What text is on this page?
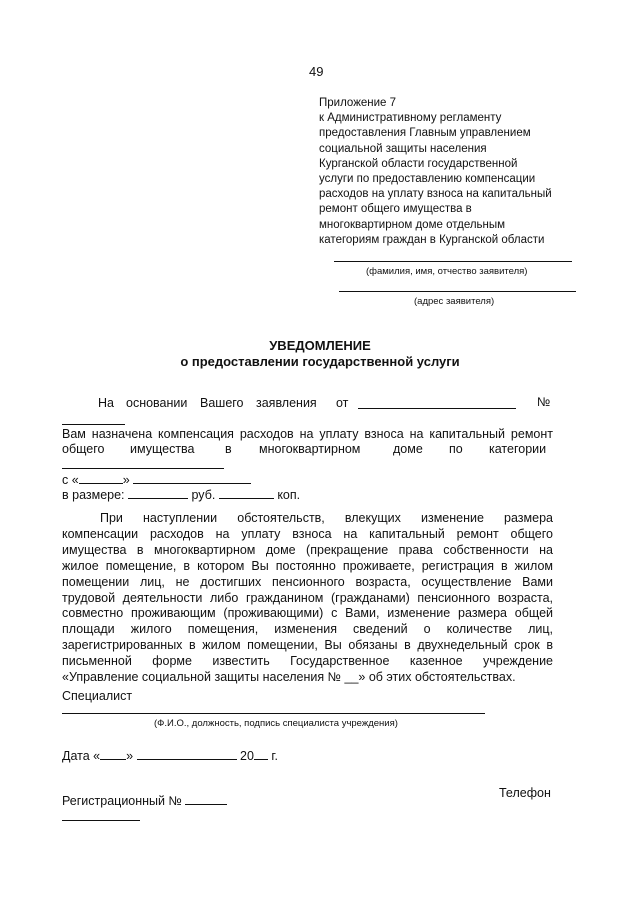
49
Приложение 7
к Административному регламенту
предоставления Главным управлением
социальной защиты населения
Курганской области государственной
услуги по предоставлению компенсации
расходов на уплату взноса на капитальный
ремонт общего имущества в
многоквартирном доме отдельным
категориям граждан в Курганской области
(фамилия, имя, отчество заявителя)
(адрес заявителя)
УВЕДОМЛЕНИЕ
о предоставлении государственной услуги
На основании Вашего заявления от	№
Вам назначена компенсация расходов на уплату взноса на капитальный ремонт
общего имущества в многоквартирном	доме по категории
с «	»
в размере:	руб.	коп.
При наступлении обстоятельств, влекущих изменение размера
компенсации расходов на уплату взноса на капитальный ремонт общего
имущества в многоквартирном доме (прекращение права собственности на
жилое помещение, в котором Вы постоянно проживаете, регистрация в жилом
помещении лиц, не достигших пенсионного возраста, осуществление Вами
трудовой деятельности либо гражданином (гражданами) пенсионного возраста,
совместно проживающим (проживающими) с Вами, изменение размера общей
площади жилого помещения, изменения сведений о количестве лиц,
зарегистрированных в жилом помещении, Вы обязаны в двухнедельный срок в
письменной форме известить Государственное казенное учреждение
«Управление социальной защиты населения № __» об этих обстоятельствах.
Специалист
(Ф.И.О., должность, подпись специалиста учреждения)
Дата « »	20 г.
Регистрационный №
Телефон
